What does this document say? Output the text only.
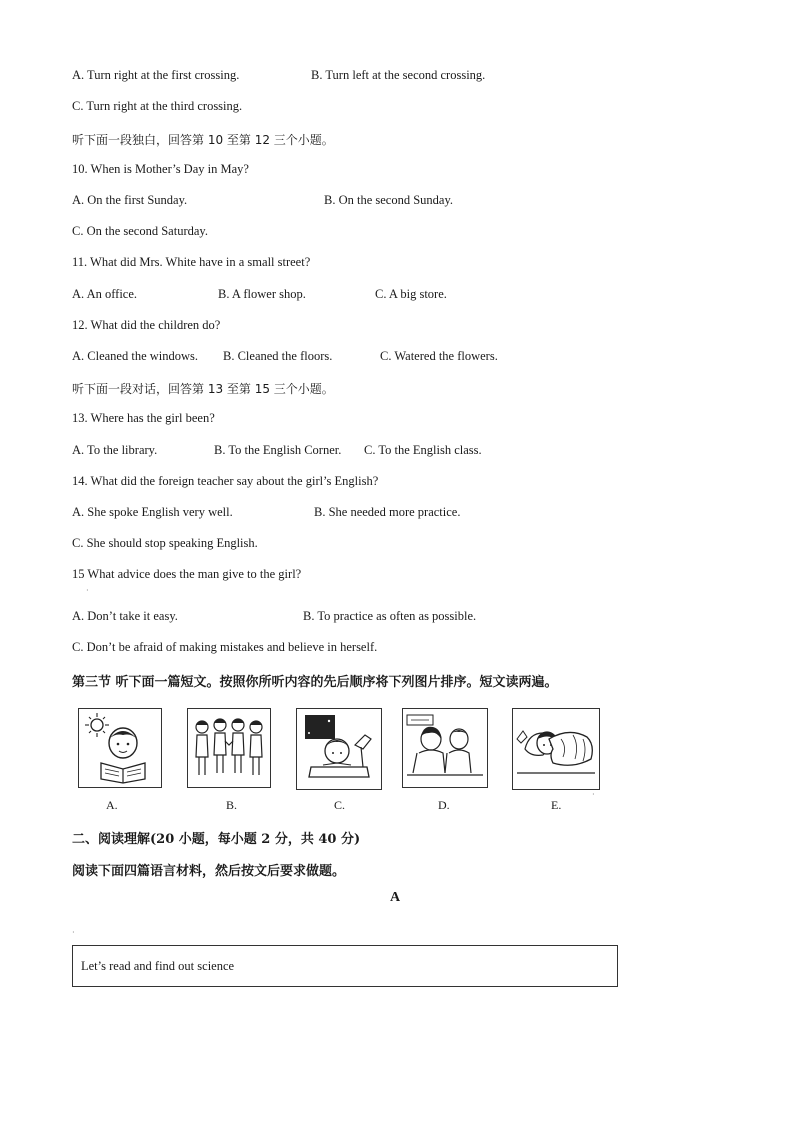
A. Turn right at the first crossing.	B. Turn left at the second crossing.
C. Turn right at the third crossing.
听下面一段独白，回答第 10 至第 12 三个小题。
10. When is Mother’s Day in May?
A. On the first Sunday.	B. On the second Sunday.
C. On the second Saturday.
11. What did Mrs. White have in a small street?
A. An office.	B. A flower shop.	C. A big store.
12. What did the children do?
A. Cleaned the windows. B. Cleaned the floors.	C. Watered the flowers.
听下面一段对话，回答第 13 至第 15 三个小题。
13. Where has the girl been?
A. To the library.	B. To the English Corner. C. To the English class.
14. What did the foreign teacher say about the girl’s English?
A. She spoke English very well.	B. She needed more practice.
C. She should stop speaking English.
15 What advice does the man give to the girl?
·
A. Don’t take it easy.	B. To practice as often as possible.
C. Don’t be afraid of making mistakes and believe in herself.
第三节 听下面一篇短文。按照你所听内容的先后顺序将下列图片排序。短文读两遍。
A.	B.	C.	D.	E.
·
二、阅读理解(20 小题，每小题 2 分，共 40 分)
阅读下面四篇语言材料，然后按文后要求做题。
A
·
Let’s read and find out science
